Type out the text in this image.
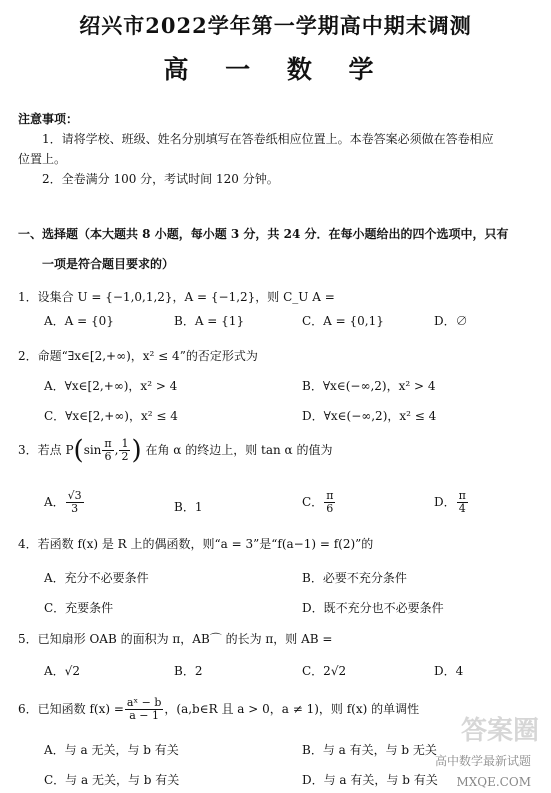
绍兴市2022学年第一学期高中期末调测
高 一 数 学
注意事项：
1．请将学校、班级、姓名分别填写在答卷纸相应位置上。本卷答案必须做在答卷相应
位置上。
2．全卷满分 100 分，考试时间 120 分钟。
一、选择题（本大题共 8 小题，每小题 3 分，共 24 分．在每小题给出的四个选项中，只有
一项是符合题目要求的）
1．设集合 U = {−1,0,1,2}，A = {−1,2}，则 C_U A =
A．A = {0}	B．A = {1}	C．A = {0,1}	D．∅
2．命题“∃x∈[2,+∞)，x² ≤ 4”的否定形式为
A．∀x∈[2,+∞)，x² > 4	B．∀x∈(−∞,2)，x² > 4
C．∀x∈[2,+∞)，x² ≤ 4	D．∀x∈(−∞,2)，x² ≤ 4
3．若点 $P(\sin \frac{\pi}{6}$ , $\frac{1}{2}$ ) 在角 α 的终边上，则 tan α 的值为
A． $\frac{√3}{3}$	B．1	C． $\frac{\pi}{6}$	D． $\frac{\pi}{4}$
4．若函数 f(x) 是 R 上的偶函数，则“a = 3”是“f(a−1) = f(2)”的
A．充分不必要条件	B．必要不充分条件
C．充要条件	D．既不充分也不必要条件
5．已知扇形 OAB 的面积为 π，AB⌒ 的长为 π，则 AB =
A．√2	B．2	C．2√2	D．4
6．已知函数 $f(x) = \frac{\text{aˣ − b}}{a - 1}$ ，(a,b∈R 且 a > 0，a ≠ 1)，则 f(x) 的单调性
A．与 a 无关，与 b 有关	B．与 a 有关，与 b 无关
C．与 a 无关，与 b 有关	D．与 a 有关，与 b 有关
答案圈
MXQE.COM
高中数学最新试题
